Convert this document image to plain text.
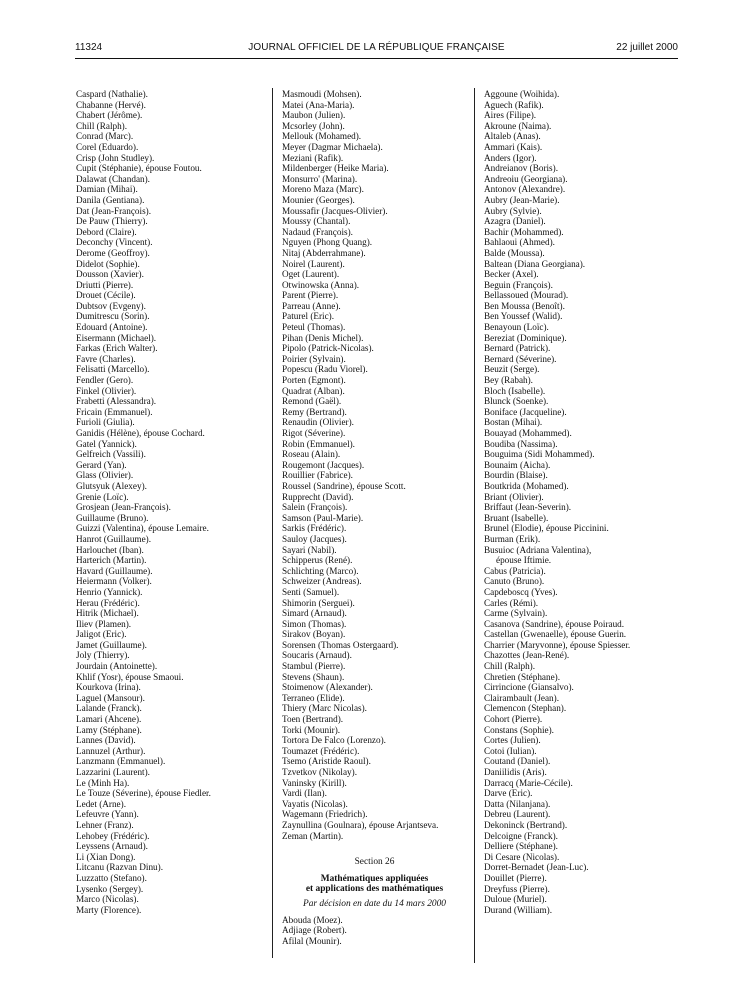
11324	JOURNAL OFFICIEL DE LA RÉPUBLIQUE FRANÇAISE	22 juillet 2000
Caspard (Nathalie).
Chabanne (Hervé).
Chabert (Jérôme).
Chill (Ralph).
Conrad (Marc).
Corel (Eduardo).
Crisp (John Studley).
Cupit (Stéphanie), épouse Foutou.
Dalawat (Chandan).
Damian (Mihai).
Danila (Gentiana).
Dat (Jean-François).
De Pauw (Thierry).
Debord (Claire).
Deconchy (Vincent).
Derome (Geoffroy).
Didelot (Sophie).
Dousson (Xavier).
Driutti (Pierre).
Drouet (Cécile).
Dubtsov (Evgeny).
Dumitrescu (Sorin).
Edouard (Antoine).
Eisermann (Michael).
Farkas (Erich Walter).
Favre (Charles).
Felisatti (Marcello).
Fendler (Gero).
Finkel (Olivier).
Frabetti (Alessandra).
Fricain (Emmanuel).
Furioli (Giulia).
Ganidis (Hélène), épouse Cochard.
Gatel (Yannick).
Gelfreich (Vassili).
Gerard (Yan).
Glass (Olivier).
Glutsyuk (Alexey).
Grenie (Loïc).
Grosjean (Jean-François).
Guillaume (Bruno).
Guizzi (Valentina), épouse Lemaire.
Hanrot (Guillaume).
Harlouchet (Iban).
Harterich (Martin).
Havard (Guillaume).
Heiermann (Volker).
Henrio (Yannick).
Herau (Frédéric).
Hitrik (Michael).
Iliev (Plamen).
Jaligot (Eric).
Jamet (Guillaume).
Joly (Thierry).
Jourdain (Antoinette).
Khlif (Yosr), épouse Smaoui.
Kourkova (Irina).
Laguel (Mansour).
Lalande (Franck).
Lamari (Ahcene).
Lamy (Stéphane).
Lannes (David).
Lannuzel (Arthur).
Lanzmann (Emmanuel).
Lazzarini (Laurent).
Le (Minh Ha).
Le Touze (Séverine), épouse Fiedler.
Ledet (Arne).
Lefeuvre (Yann).
Lehner (Franz).
Lehobey (Frédéric).
Leyssens (Arnaud).
Li (Xian Dong).
Litcanu (Razvan Dinu).
Luzzatto (Stefano).
Lysenko (Sergey).
Marco (Nicolas).
Marty (Florence).
Masmoudi (Mohsen).
Matei (Ana-Maria).
Maubon (Julien).
Mcsorley (John).
Mellouk (Mohamed).
Meyer (Dagmar Michaela).
Meziani (Rafik).
Mildenberger (Heike Maria).
Monsurro' (Marina).
Moreno Maza (Marc).
Mounier (Georges).
Moussafir (Jacques-Olivier).
Moussy (Chantal).
Nadaud (François).
Nguyen (Phong Quang).
Nitaj (Abderrahmane).
Noirel (Laurent).
Oget (Laurent).
Otwinowska (Anna).
Parent (Pierre).
Parreau (Anne).
Paturel (Eric).
Peteul (Thomas).
Pihan (Denis Michel).
Pipolo (Patrick-Nicolas).
Poirier (Sylvain).
Popescu (Radu Viorel).
Porten (Egmont).
Quadrat (Alban).
Remond (Gaël).
Remy (Bertrand).
Renaudin (Olivier).
Rigot (Séverine).
Robin (Emmanuel).
Roseau (Alain).
Rougemont (Jacques).
Rouillier (Fabrice).
Roussel (Sandrine), épouse Scott.
Rupprecht (David).
Salein (François).
Samson (Paul-Marie).
Sarkis (Frédéric).
Sauloy (Jacques).
Sayari (Nabil).
Schipperus (René).
Schlichting (Marco).
Schweizer (Andreas).
Senti (Samuel).
Shimorin (Serguei).
Simard (Arnaud).
Simon (Thomas).
Sirakov (Boyan).
Sorensen (Thomas Ostergaard).
Soucaris (Arnaud).
Stambul (Pierre).
Stevens (Shaun).
Stoimenow (Alexander).
Terraneo (Elide).
Thiery (Marc Nicolas).
Toen (Bertrand).
Torki (Mounir).
Tortora De Falco (Lorenzo).
Toumazet (Frédéric).
Tsemo (Aristide Raoul).
Tzvetkov (Nikolay).
Vaninsky (Kirill).
Vardi (Ilan).
Vayatis (Nicolas).
Wagemann (Friedrich).
Zaynullina (Goulnara), épouse Arjantseva.
Zeman (Martin).
Section 26
Mathématiques appliquées
et applications des mathématiques
Par décision en date du 14 mars 2000
Abouda (Moez).
Adjiage (Robert).
Afilal (Mounir).
Aggoune (Woihida).
Aguech (Rafik).
Aires (Filipe).
Akroune (Naima).
Altaleb (Anas).
Ammari (Kais).
Anders (Igor).
Andreianov (Boris).
Andreoiu (Georgiana).
Antonov (Alexandre).
Aubry (Jean-Marie).
Aubry (Sylvie).
Azagra (Daniel).
Bachir (Mohammed).
Bahlaoui (Ahmed).
Balde (Moussa).
Baltean (Diana Georgiana).
Becker (Axel).
Beguin (François).
Bellassoued (Mourad).
Ben Moussa (Benoît).
Ben Youssef (Walid).
Benayoun (Loïc).
Bereziat (Dominique).
Bernard (Patrick).
Bernard (Séverine).
Beuzit (Serge).
Bey (Rabah).
Bloch (Isabelle).
Blunck (Soenke).
Boniface (Jacqueline).
Bostan (Mihai).
Bouayad (Mohammed).
Boudiba (Nassima).
Bouguima (Sidi Mohammed).
Bounaim (Aicha).
Bourdin (Blaise).
Boutkrida (Mohamed).
Briant (Olivier).
Briffaut (Jean-Severin).
Bruant (Isabelle).
Brunel (Elodie), épouse Piccinini.
Burman (Erik).
Busuioc (Adriana Valentina),
épouse Iftimie.
Cabus (Patricia).
Canuto (Bruno).
Capdeboscq (Yves).
Carles (Rémi).
Carme (Sylvain).
Casanova (Sandrine), épouse Poiraud.
Castellan (Gwenaelle), épouse Guerin.
Charrier (Maryvonne), épouse Spiesser.
Chazottes (Jean-René).
Chill (Ralph).
Chretien (Stéphane).
Cirrincione (Giansalvo).
Clairambault (Jean).
Clemencon (Stephan).
Cohort (Pierre).
Constans (Sophie).
Cortes (Julien).
Cotoi (Iulian).
Coutand (Daniel).
Daniilidis (Aris).
Darracq (Marie-Cécile).
Darve (Eric).
Datta (Nilanjana).
Debreu (Laurent).
Dekoninck (Bertrand).
Delcoigne (Franck).
Delliere (Stéphane).
Di Cesare (Nicolas).
Dorret-Bernadet (Jean-Luc).
Douillet (Pierre).
Dreyfuss (Pierre).
Duloue (Muriel).
Durand (William).
